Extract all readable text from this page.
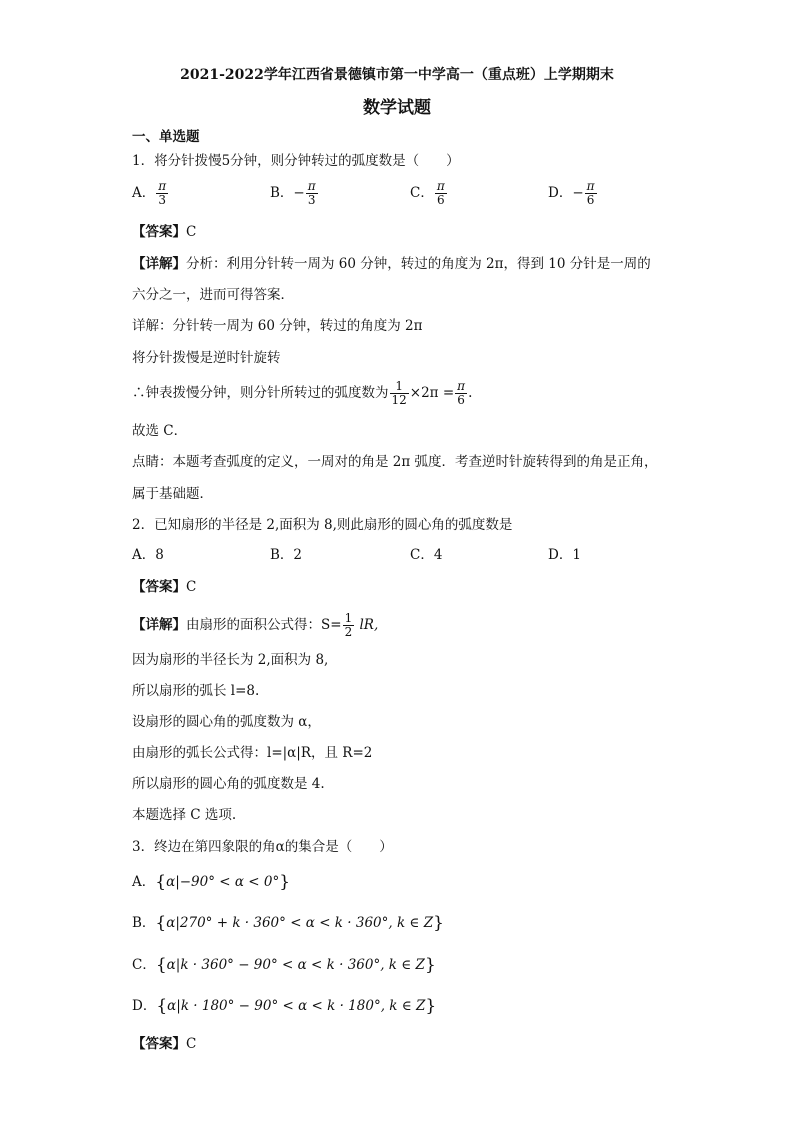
2021-2022学年江西省景德镇市第一中学高一（重点班）上学期期末
数学试题
一、单选题
1．将分针拨慢5分钟，则分钟转过的弧度数是（　　）
A． $\frac{\pi}{3}$	B．− $\frac{\pi}{3}$	C． $\frac{\pi}{6}$	D．− $\frac{\pi}{6}$
【答案】C
【详解】分析：利用分针转一周为 60 分钟，转过的角度为 2π，得到 10 分针是一周的
六分之一，进而可得答案．
详解：分针转一周为 60 分钟，转过的角度为 2π
将分针拨慢是逆时针旋转
∴钟表拨慢分钟，则分针所转过的弧度数为 $\frac{1}{12} \times 2\pi = \frac{\pi}{6}$ .
故选 C．
点睛：本题考查弧度的定义，一周对的角是 2π 弧度．考查逆时针旋转得到的角是正角，
属于基础题．
2．已知扇形的半径是 2,面积为 8,则此扇形的圆心角的弧度数是
A．8	B．2	C．4	D．1
【答案】C
【详解】由扇形的面积公式得：$S= \frac{1}{2}$ lR,
因为扇形的半径长为 2,面积为 8,
所以扇形的弧长 l=8.
设扇形的圆心角的弧度数为 α，
由扇形的弧长公式得：l=|α|R，且 R=2
所以扇形的圆心角的弧度数是 4.
本题选择 C 选项.
3．终边在第四象限的角α的集合是（　　）
A．{α|−90° < α < 0°}
B．{α|270° + k · 360° < α < k · 360°, k ∈ Z}
C．{α|k · 360° − 90° < α < k · 360°, k ∈ Z}
D．{α|k · 180° − 90° < α < k · 180°, k ∈ Z}
【答案】C
